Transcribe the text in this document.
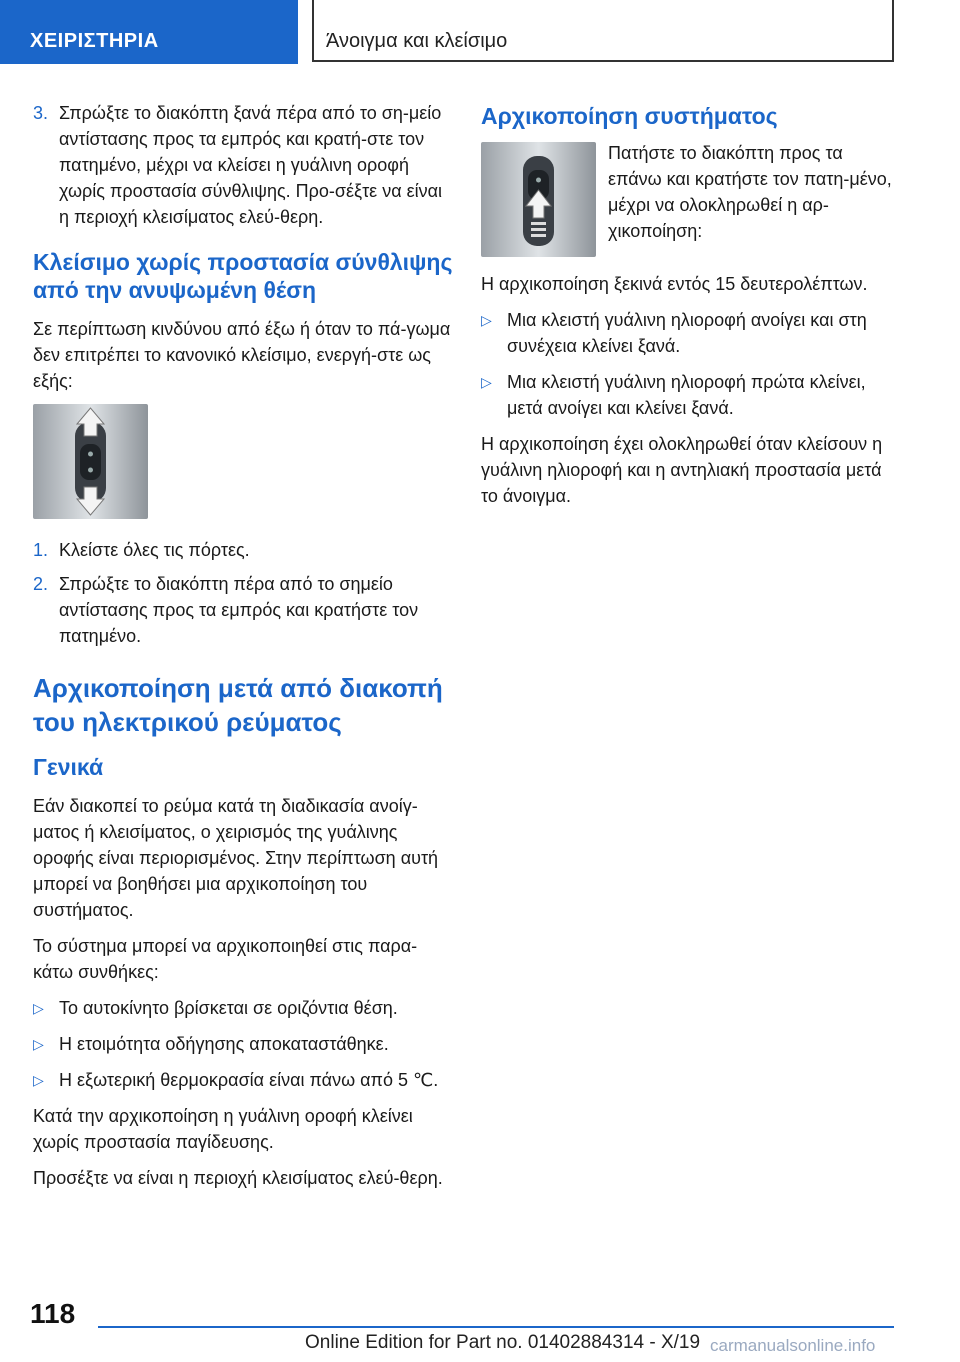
ΧΕΙΡΙΣΤΗΡΙΑ	Άνοιγμα και κλείσιμο
3. Σπρώξτε το διακόπτη ξανά πέρα από το ση-μείο αντίστασης προς τα εμπρός και κρατή-στε τον πατημένο, μέχρι να κλείσει η γυάλινη οροφή χωρίς προστασία σύνθλιψης. Προ-σέξτε να είναι η περιοχή κλεισίματος ελεύ-θερη.
Κλείσιμο χωρίς προστασία σύνθλιψης από την ανυψωμένη θέση

Σε περίπτωση κινδύνου από έξω ή όταν το πά-γωμα δεν επιτρέπει το κανονικό κλείσιμο, ενεργή-στε ως εξής:

1. Κλείστε όλες τις πόρτες.
2. Σπρώξτε το διακόπτη πέρα από το σημείο αντίστασης προς τα εμπρός και κρατήστε τον πατημένο.
Αρχικοποίηση μετά από διακοπή του ηλεκτρικού ρεύματος
Γενικά

Εάν διακοπεί το ρεύμα κατά τη διαδικασία ανοίγ-ματος ή κλεισίματος, ο χειρισμός της γυάλινης οροφής είναι περιορισμένος. Στην περίπτωση αυτή μπορεί να βοηθήσει μια αρχικοποίηση του συστήματος.

Το σύστημα μπορεί να αρχικοποιηθεί στις παρα-κάτω συνθήκες:

▷ Το αυτοκίνητο βρίσκεται σε οριζόντια θέση.
▷ Η ετοιμότητα οδήγησης αποκαταστάθηκε.
▷ Η εξωτερική θερμοκρασία είναι πάνω από 5 ℃.

Κατά την αρχικοποίηση η γυάλινη οροφή κλείνει χωρίς προστασία παγίδευσης.

Προσέξτε να είναι η περιοχή κλεισίματος ελεύ-θερη.

Αρχικοποίηση συστήματος

Πατήστε το διακόπτη προς τα επάνω και κρατήστε τον πατη-μένο, μέχρι να ολοκληρωθεί η αρ-χικοποίηση:

Η αρχικοποίηση ξεκινά εντός 15 δευτερολέπτων.

▷ Μια κλειστή γυάλινη ηλιοροφή ανοίγει και στη συνέχεια κλείνει ξανά.
▷ Μια κλειστή γυάλινη ηλιοροφή πρώτα κλείνει, μετά ανοίγει και κλείνει ξανά.

Η αρχικοποίηση έχει ολοκληρωθεί όταν κλείσουν η γυάλινη ηλιοροφή και η αντηλιακή προστασία μετά το άνοιγμα.

118
Online Edition for Part no. 01402884314 - X/19 carmanualsonline.info
